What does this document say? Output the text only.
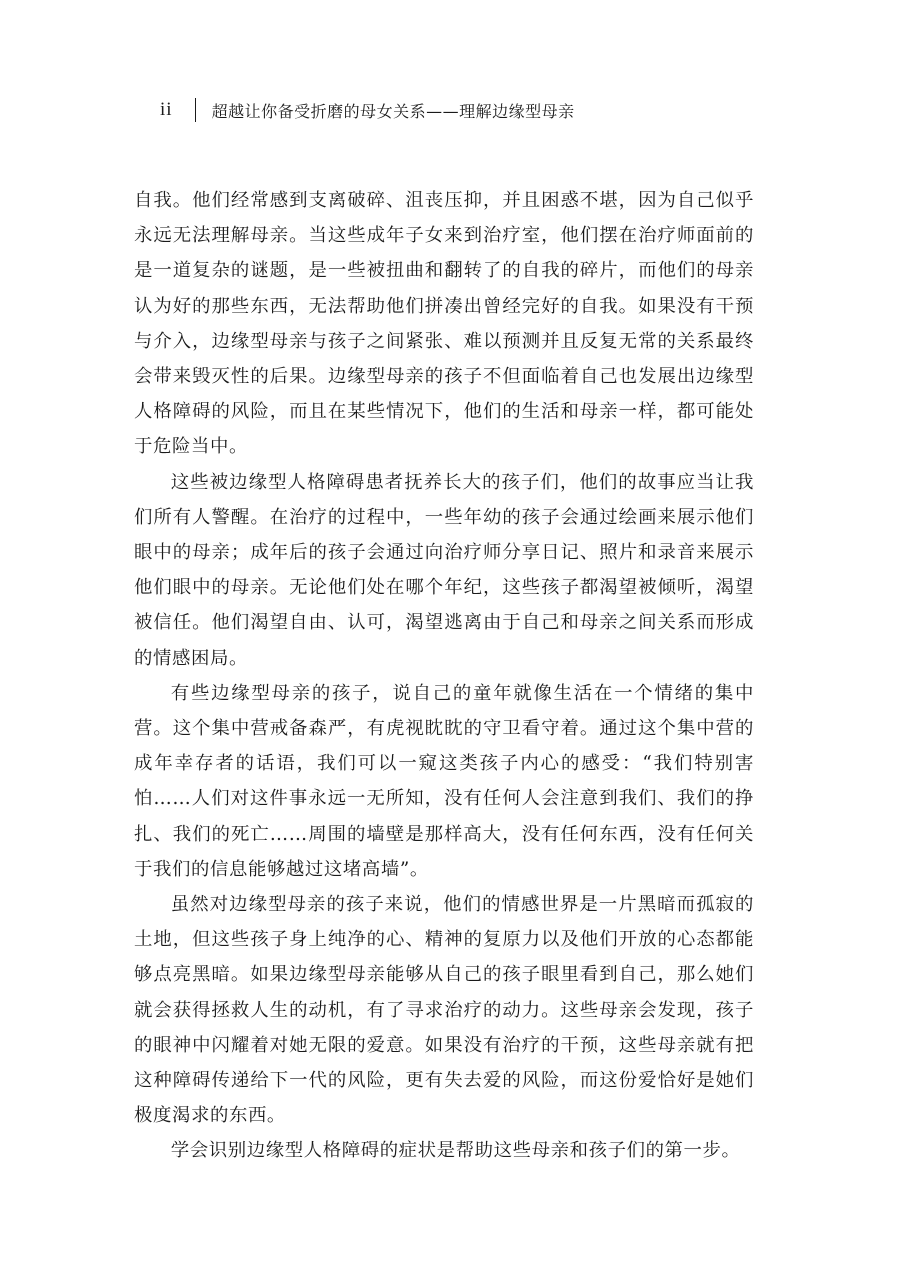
ii 超越让你备受折磨的母女关系——理解边缘型母亲

自我。他们经常感到支离破碎、沮丧压抑，并且困惑不堪，因为自己似乎永远无法理解母亲。当这些成年子女来到治疗室，他们摆在治疗师面前的是一道复杂的谜题，是一些被扭曲和翻转了的自我的碎片，而他们的母亲认为好的那些东西，无法帮助他们拼凑出曾经完好的自我。如果没有干预与介入，边缘型母亲与孩子之间紧张、难以预测并且反复无常的关系最终会带来毁灭性的后果。边缘型母亲的孩子不但面临着自己也发展出边缘型人格障碍的风险，而且在某些情况下，他们的生活和母亲一样，都可能处于危险当中。

这些被边缘型人格障碍患者抚养长大的孩子们，他们的故事应当让我们所有人警醒。在治疗的过程中，一些年幼的孩子会通过绘画来展示他们眼中的母亲；成年后的孩子会通过向治疗师分享日记、照片和录音来展示他们眼中的母亲。无论他们处在哪个年纪，这些孩子都渴望被倾听，渴望被信任。他们渴望自由、认可，渴望逃离由于自己和母亲之间关系而形成的情感困局。

有些边缘型母亲的孩子，说自己的童年就像生活在一个情绪的集中营。这个集中营戒备森严，有虎视眈眈的守卫看守着。通过这个集中营的成年幸存者的话语，我们可以一窥这类孩子内心的感受：“我们特别害怕……人们对这件事永远一无所知，没有任何人会注意到我们、我们的挣扎、我们的死亡……周围的墙壁是那样高大，没有任何东西，没有任何关于我们的信息能够越过这堵高墙”。

虽然对边缘型母亲的孩子来说，他们的情感世界是一片黑暗而孤寂的土地，但这些孩子身上纯净的心、精神的复原力以及他们开放的心态都能够点亮黑暗。如果边缘型母亲能够从自己的孩子眼里看到自己，那么她们就会获得拯救人生的动机，有了寻求治疗的动力。这些母亲会发现，孩子的眼神中闪耀着对她无限的爱意。如果没有治疗的干预，这些母亲就有把这种障碍传递给下一代的风险，更有失去爱的风险，而这份爱恰好是她们极度渴求的东西。

学会识别边缘型人格障碍的症状是帮助这些母亲和孩子们的第一步。
